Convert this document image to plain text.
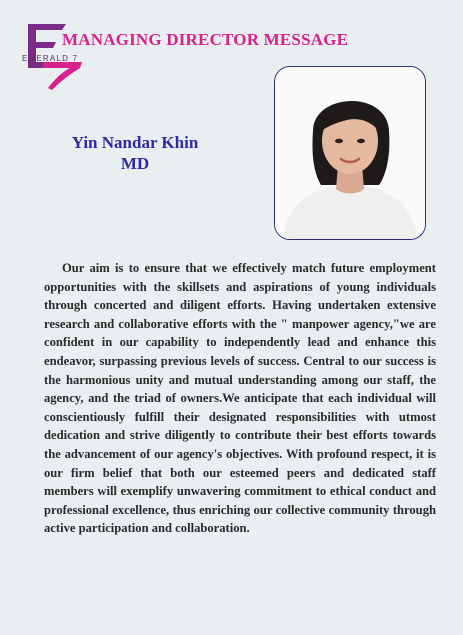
EMERALD 7
MANAGING DIRECTOR MESSAGE
Yin Nandar Khin
MD

Our aim is to ensure that we effectively match future employment opportunities with the skillsets and aspirations of young individuals through concerted and diligent efforts. Having undertaken extensive research and collaborative efforts with the " manpower agency,"we are confident in our capability to independently lead and enhance this endeavor, surpassing previous levels of success. Central to our success is the harmonious unity and mutual understanding among our staff, the agency, and the triad of owners.We anticipate that each individual will conscientiously fulfill their designated responsibilities with utmost dedication and strive diligently to contribute their best efforts towards the advancement of our agency's objectives. With profound respect, it is our firm belief that both our esteemed peers and dedicated staff members will exemplify unwavering commitment to ethical conduct and professional excellence, thus enriching our collective community through active participation and collaboration.
